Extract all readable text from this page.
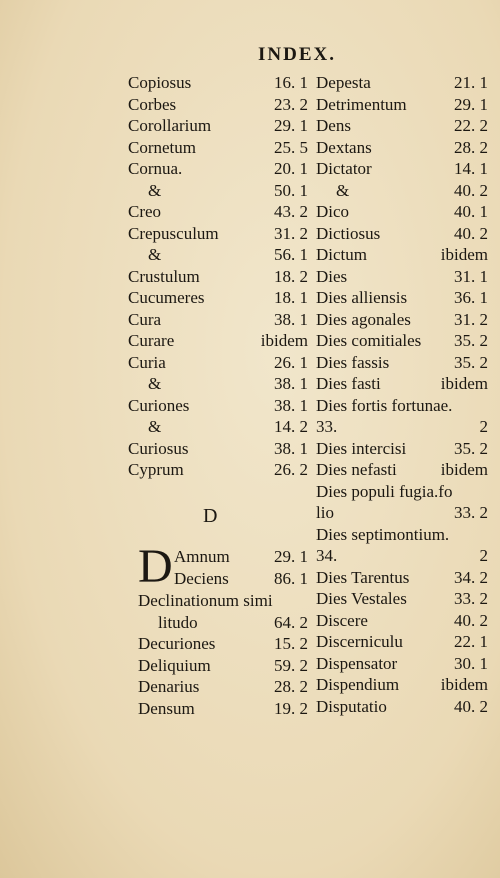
INDEX.
Copiosus	16. 1
Corbes	23. 2
Corollarium	29. 1
Cornetum	25. 5
Cornua.	20. 1
&	50. 1
Creo	43. 2
Crepusculum	31. 2
&	56. 1
Crustulum	18. 2
Cucumeres	18. 1
Cura	38. 1
Curare	ibidem
Curia	26. 1
&	38. 1
Curiones	38. 1
&	14. 2
Curiosus	38. 1
Cyprum	26. 2
D
D Amnum	29. 1
Deciens	86. 1
Declinationum simi
litudo	64. 2
Decuriones	15. 2
Deliquium	59. 2
Denarius	28. 2
Densum	19. 2
Depesta	21. 1
Detrimentum	29. 1
Dens	22. 2
Dextans	28. 2
Dictator	14. 1
&	40. 2
Dico	40. 1
Dictiosus	40. 2
Dictum	ibidem
Dies	31. 1
Dies alliensis	36. 1
Dies agonales	31. 2
Dies comitiales 35. 2
Dies fassis	35. 2
Dies fasti	ibidem
Dies fortis fortunae.
33.	2
Dies intercisi	35. 2
Dies nefasti	ibidem
Dies populi fugia.fo
lio	33. 2
Dies septimontium.
34.	2
Dies Tarentus	34. 2
Dies Vestales	33. 2
Discere	40. 2
Discerniculu	22. 1
Dispensator	30. 1
Dispendium ibidem
Disputatio	40. 2
